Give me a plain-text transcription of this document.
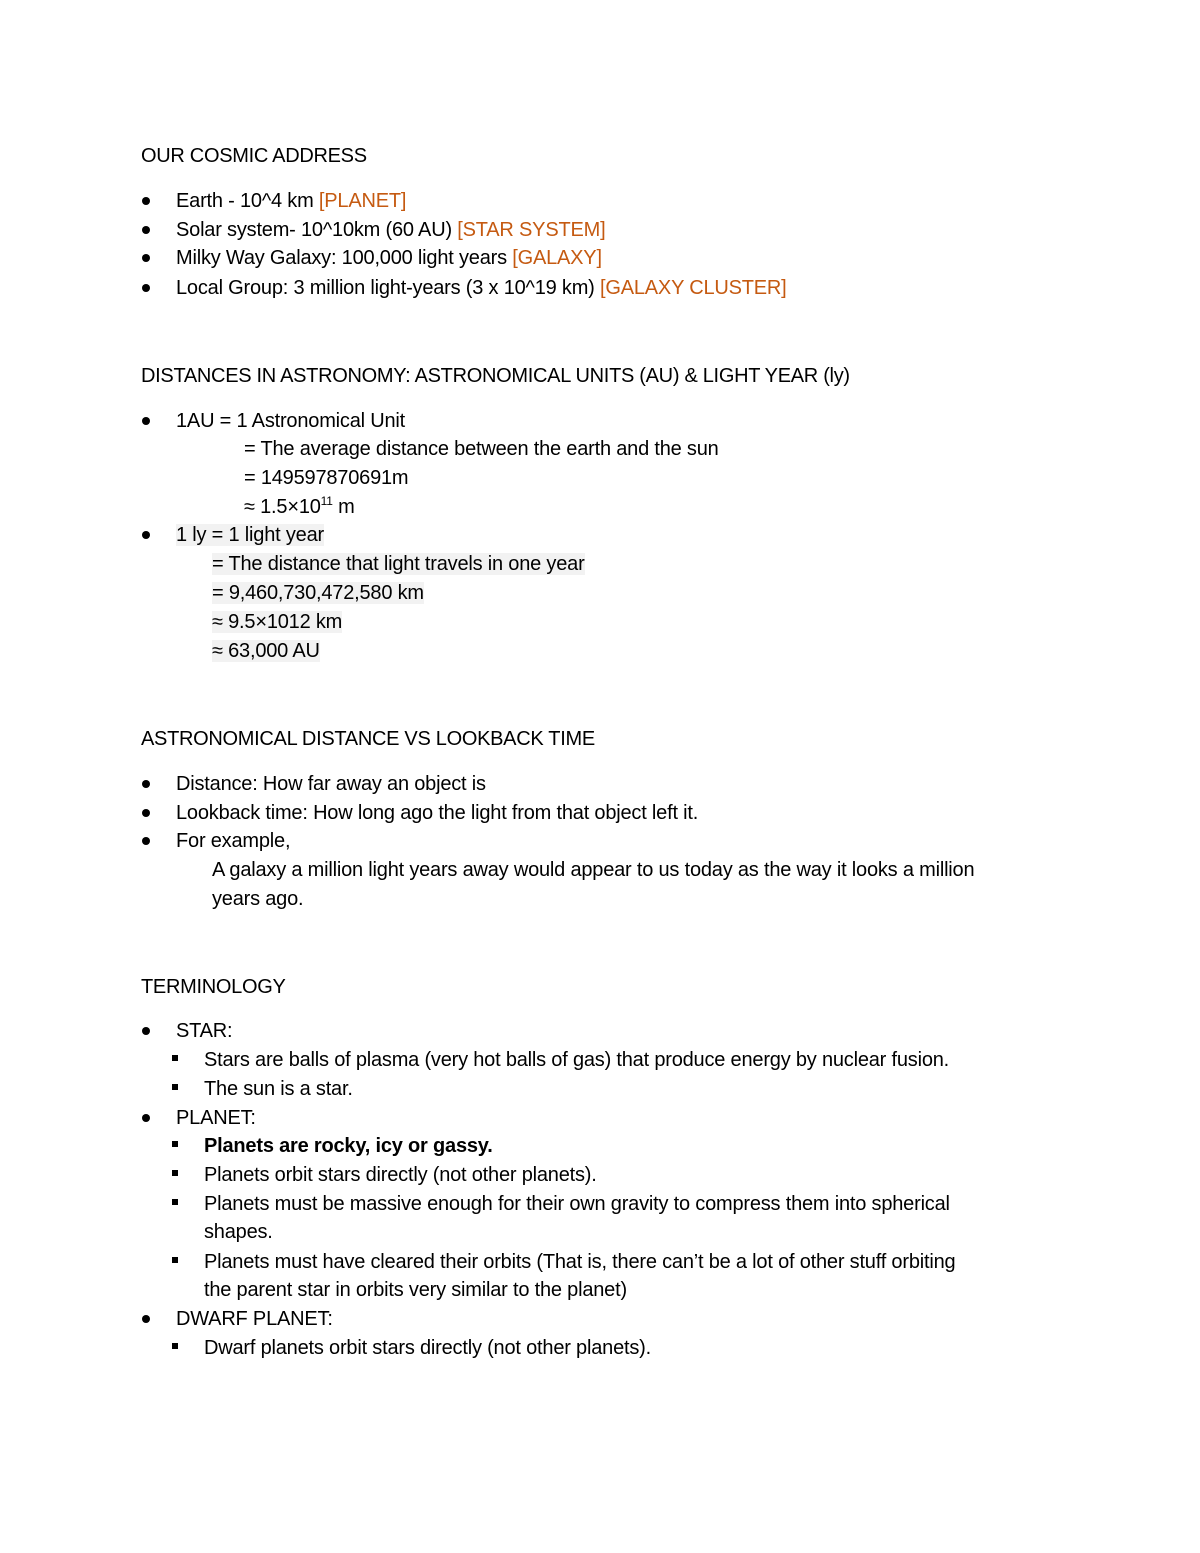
OUR COSMIC ADDRESS
Earth - 10^4 km [PLANET]
Solar system- 10^10km (60 AU) [STAR SYSTEM]
Milky Way Galaxy: 100,000 light years [GALAXY]
Local Group: 3 million light-years (3 x 10^19 km) [GALAXY CLUSTER]
DISTANCES IN ASTRONOMY: ASTRONOMICAL UNITS (AU) & LIGHT YEAR (ly)
1AU = 1 Astronomical Unit
= The average distance between the earth and the sun
= 149597870691m
≈ $1.5\times 10^{11}$ m
1 ly = 1 light year
= The distance that light travels in one year
= 9,460,730,472,580 km
≈ 9.5×1012 km
≈ 63,000 AU
ASTRONOMICAL DISTANCE VS LOOKBACK TIME
Distance: How far away an object is
Lookback time: How long ago the light from that object left it.
For example,
A galaxy a million light years away would appear to us today as the way it looks a million
years ago.
TERMINOLOGY
STAR:
Stars are balls of plasma (very hot balls of gas) that produce energy by nuclear fusion.
The sun is a star.
PLANET:
Planets are rocky, icy or gassy.
Planets orbit stars directly (not other planets).
Planets must be massive enough for their own gravity to compress them into spherical
shapes.
Planets must have cleared their orbits (That is, there can’t be a lot of other stuff orbiting
the parent star in orbits very similar to the planet)
DWARF PLANET:
Dwarf planets orbit stars directly (not other planets).
